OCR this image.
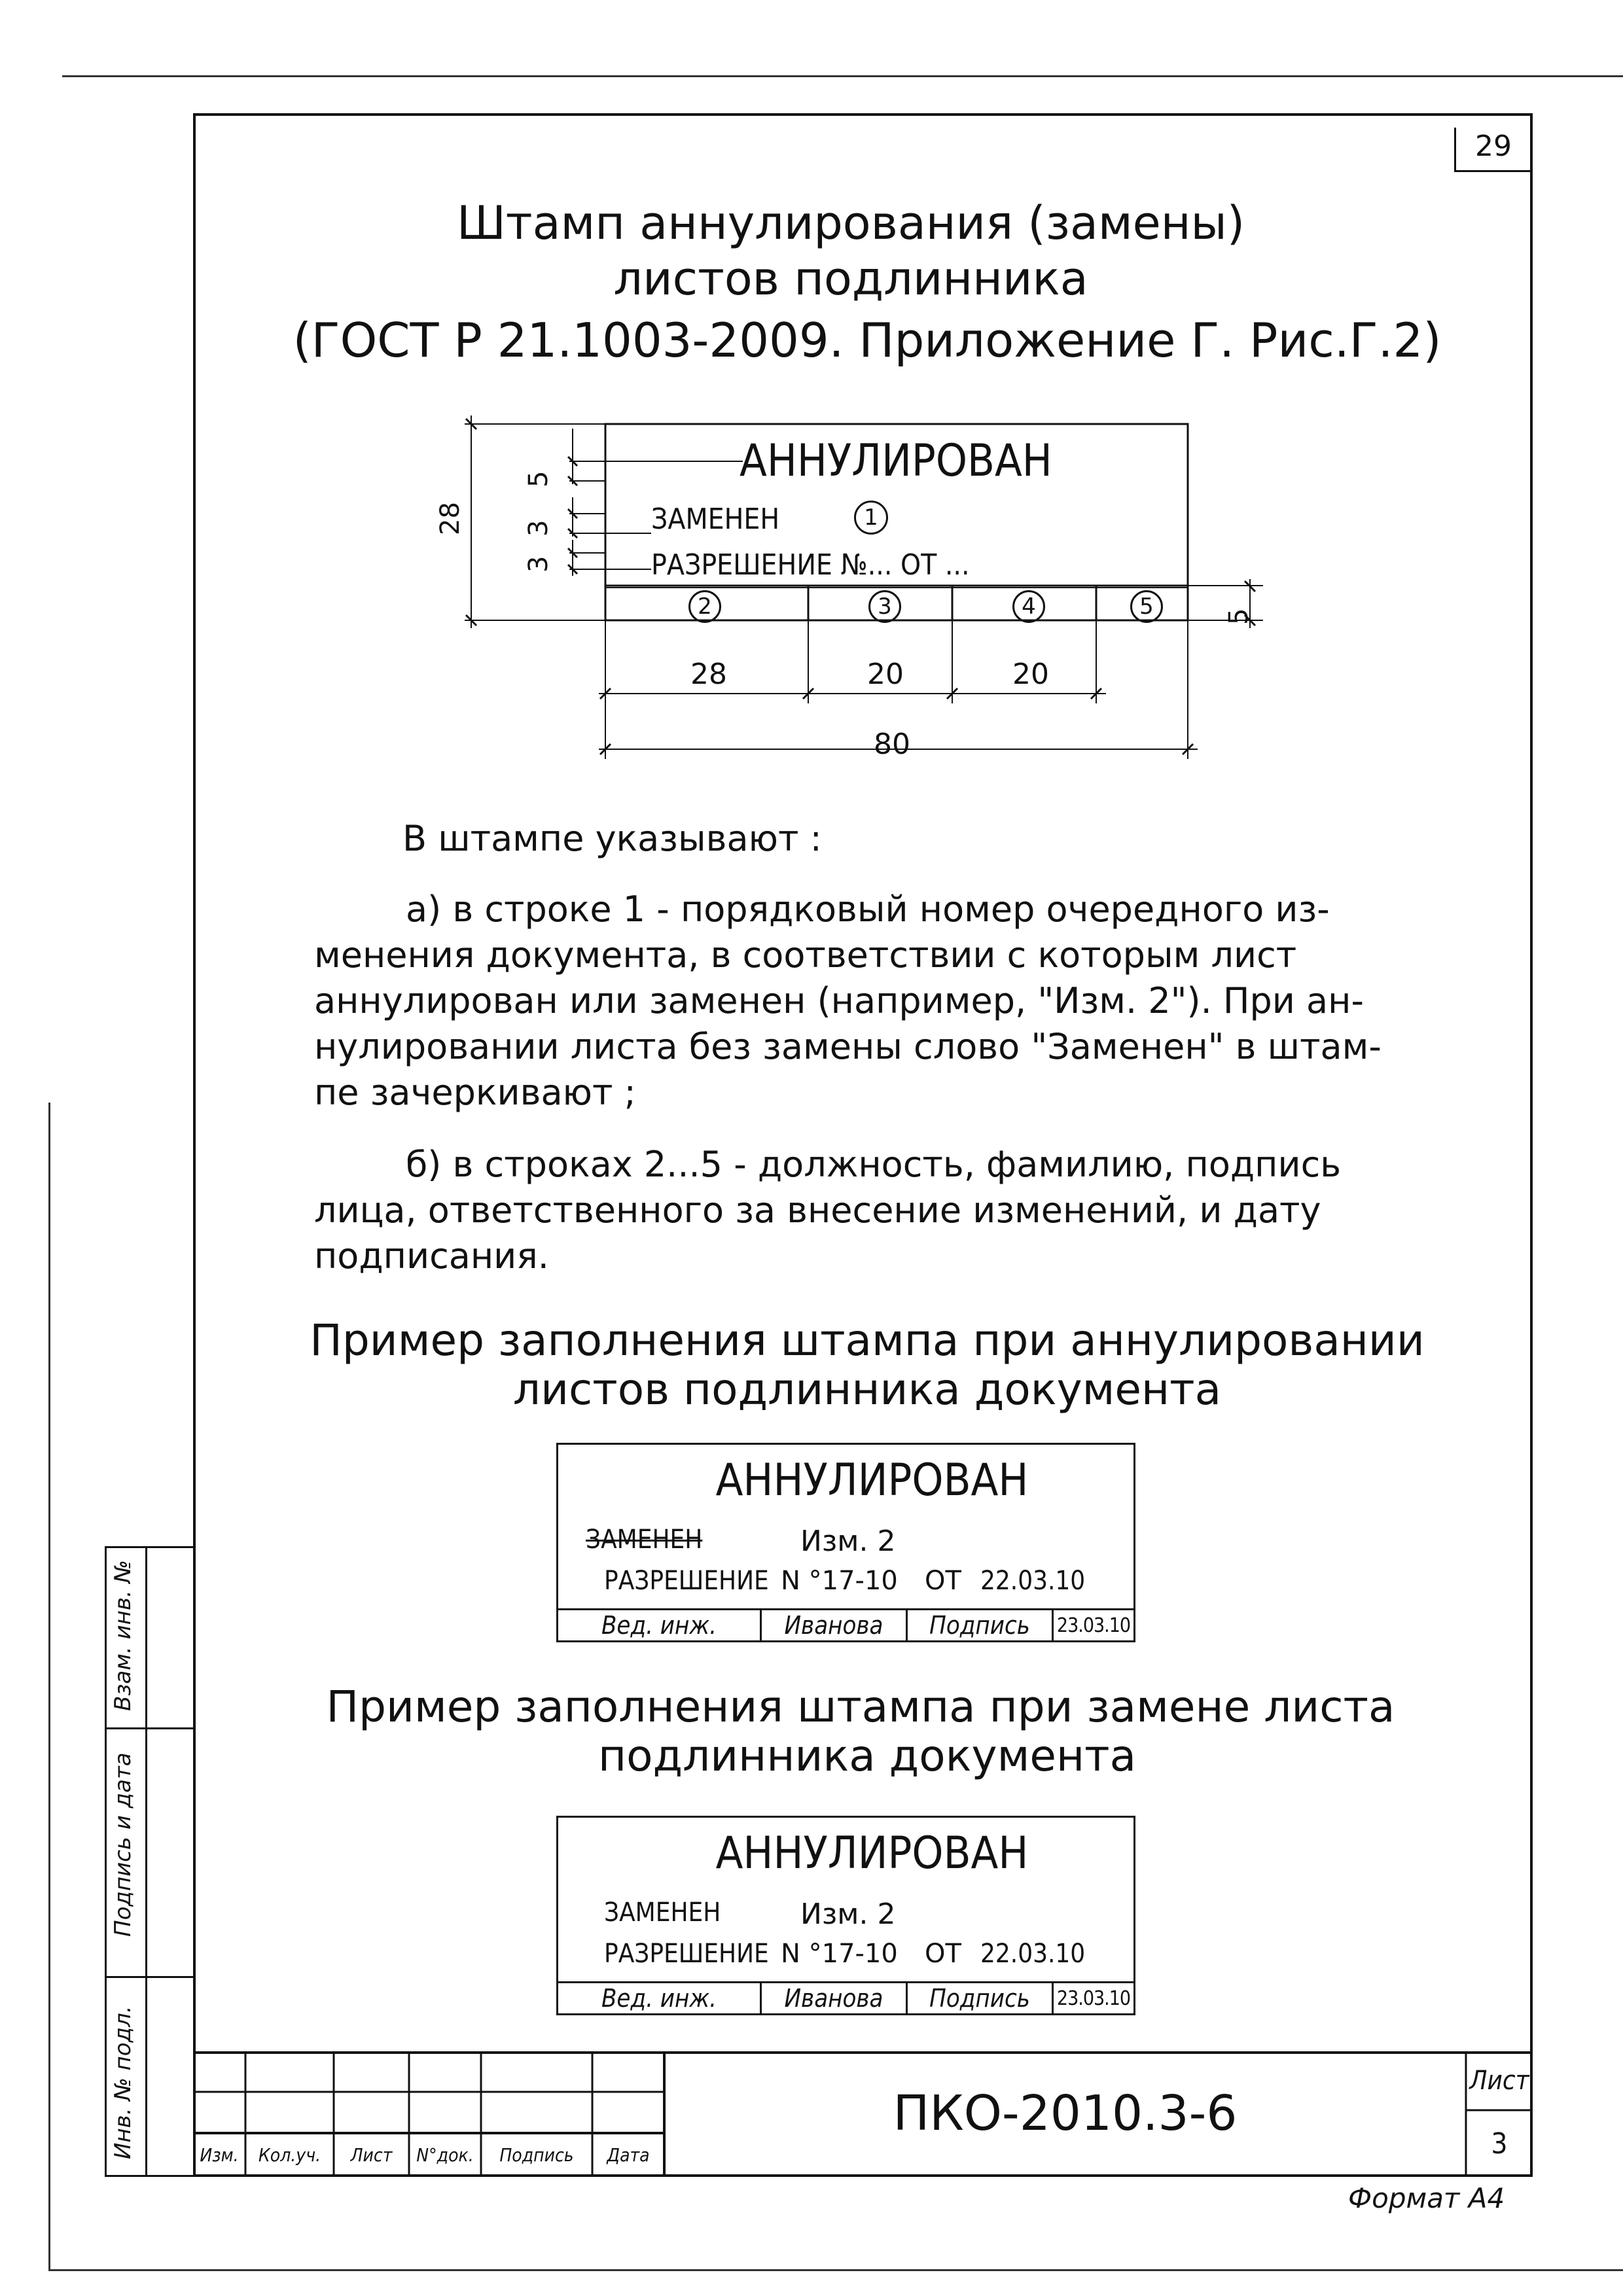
29
Штамп аннулирования (замены)
листов подлинника
(ГОСТ Р 21.1003-2009. Приложение Г. Рис.Г.2)
АННУЛИРОВАН
ЗАМЕНЕН	1
РАЗРЕШЕНИЕ №... ОТ ...
2	3	4	5
28
5
3
3
5
28	20	20
80
В штампе указывают :
а) в строке 1 - порядковый номер очередного из-
менения документа, в соответствии с которым лист
аннулирован или заменен (например, "Изм. 2"). При ан-
нулировании листа без замены слово "Заменен" в штам-
пе зачеркивают ;
б) в строках 2...5 - должность, фамилию, подпись
лица, ответственного за внесение изменений, и дату
подписания.
Пример заполнения штампа при аннулировании
листов подлинника документа
АННУЛИРОВАН
ЗАМЕНЕН	Изм. 2
РАЗРЕШЕНИЕ N °17-10 ОТ 22.03.10
Вед. инж.	Иванова	Подпись	23.03.10
Пример заполнения штампа при замене листа
подлинника документа
АННУЛИРОВАН
ЗАМЕНЕН	Изм. 2
РАЗРЕШЕНИЕ N °17-10 ОТ 22.03.10
Вед. инж.	Иванова	Подпись	23.03.10
Взам. инв. №
Подпись и дата
Инв. № подл.	Изм.	Кол.уч.	Лист	N°док.	Подпись	Дата
ПКО-2010.3-6
Лист
3
Формат А4
